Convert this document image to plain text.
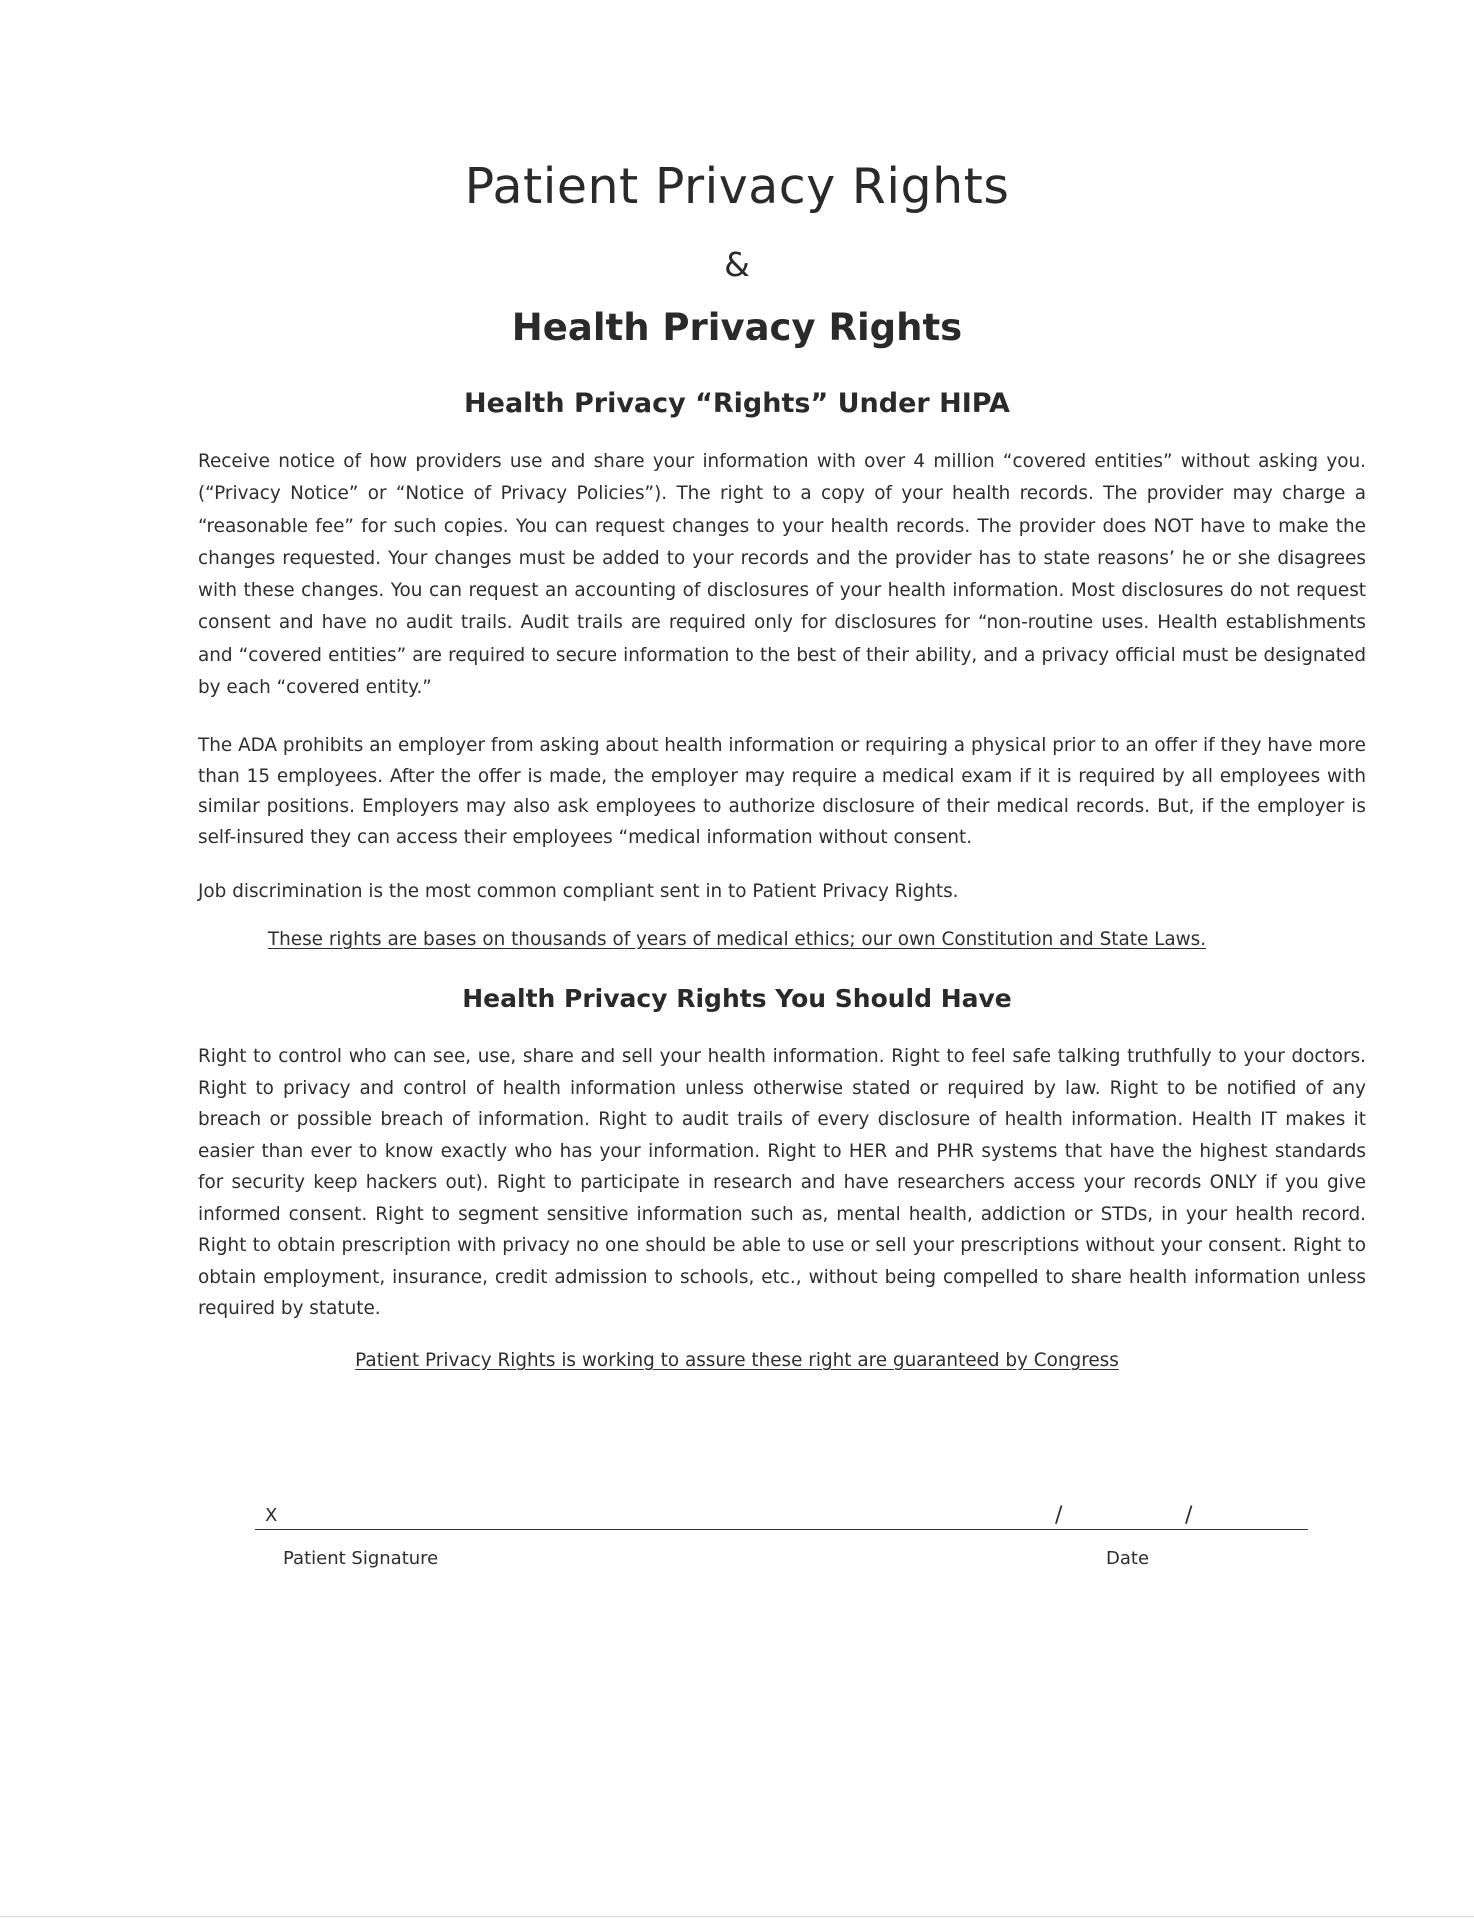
Patient Privacy Rights
&
Health Privacy Rights
Health Privacy “Rights” Under HIPA

Receive notice of how providers use and share your information with over 4 million “covered entities” without asking you. (“Privacy Notice” or “Notice of Privacy Policies”). The right to a copy of your health records. The provider may charge a “reasonable fee” for such copies. You can request changes to your health records. The provider does NOT have to make the changes requested. Your changes must be added to your records and the provider has to state reasons’ he or she disagrees with these changes. You can request an accounting of disclosures of your health information. Most disclosures do not request consent and have no audit trails. Audit trails are required only for disclosures for “non-routine uses. Health establishments and “covered entities” are required to secure information to the best of their ability, and a privacy official must be designated by each “covered entity.”

The ADA prohibits an employer from asking about health information or requiring a physical prior to an offer if they have more than 15 employees. After the offer is made, the employer may require a medical exam if it is required by all employees with similar positions. Employers may also ask employees to authorize disclosure of their medical records. But, if the employer is self-insured they can access their employees “medical information without consent.

Job discrimination is the most common compliant sent in to Patient Privacy Rights.

These rights are bases on thousands of years of medical ethics; our own Constitution and State Laws.

Health Privacy Rights You Should Have

Right to control who can see, use, share and sell your health information. Right to feel safe talking truthfully to your doctors. Right to privacy and control of health information unless otherwise stated or required by law. Right to be notified of any breach or possible breach of information. Right to audit trails of every disclosure of health information. Health IT makes it easier than ever to know exactly who has your information. Right to HER and PHR systems that have the highest standards for security keep hackers out). Right to participate in research and have researchers access your records ONLY if you give informed consent. Right to segment sensitive information such as, mental health, addiction or STDs, in your health record. Right to obtain prescription with privacy no one should be able to use or sell your prescriptions without your consent. Right to obtain employment, insurance, credit admission to schools, etc., without being compelled to share health information unless required by statute.

Patient Privacy Rights is working to assure these right are guaranteed by Congress

X	/	/
Patient Signature	Date
